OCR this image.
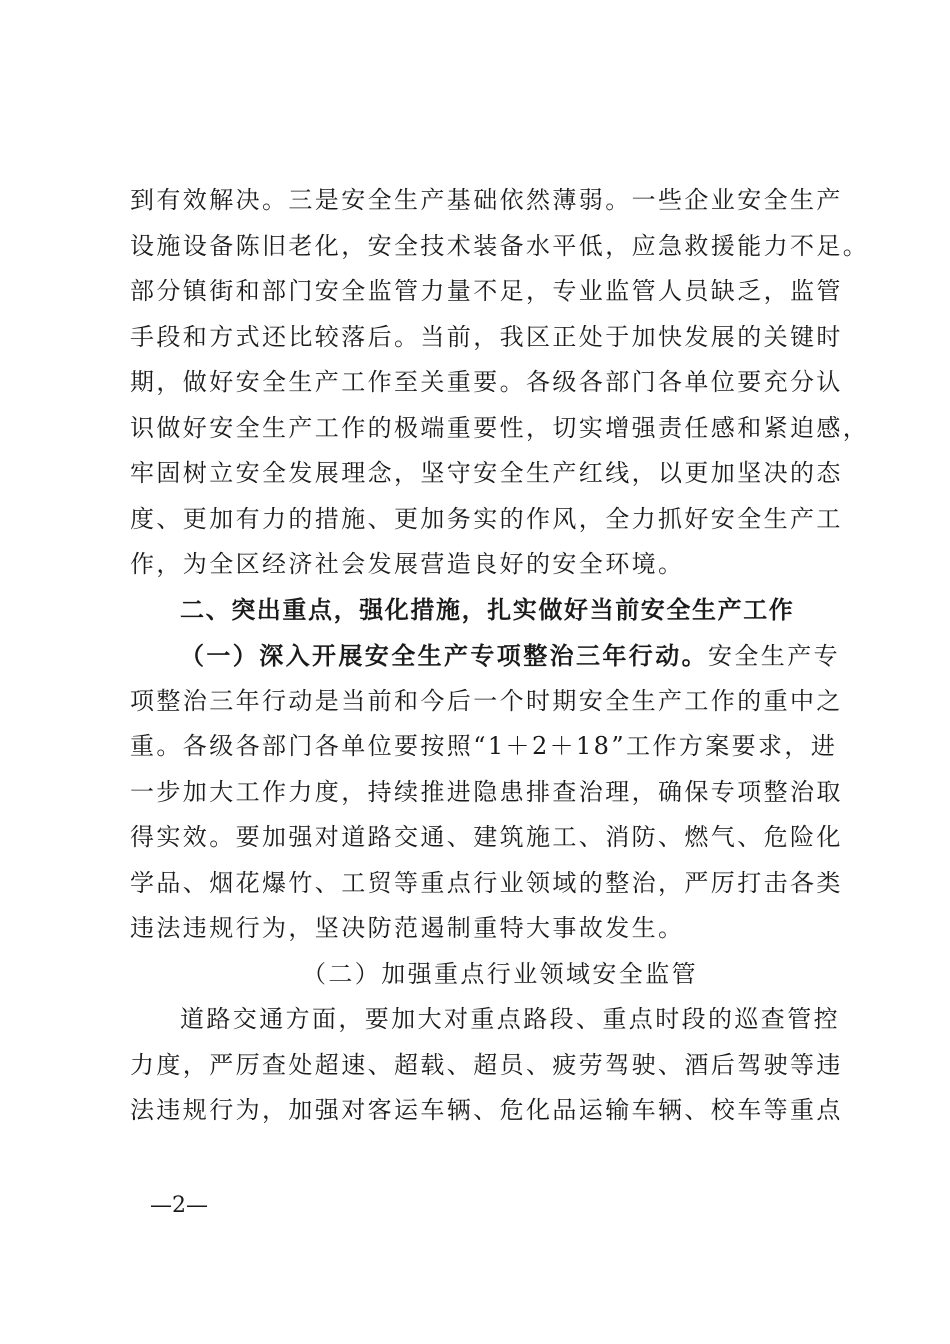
到有效解决。三是安全生产基础依然薄弱。一些企业安全生产
设施设备陈旧老化，安全技术装备水平低，应急救援能力不足。
部分镇街和部门安全监管力量不足，专业监管人员缺乏，监管
手段和方式还比较落后。当前，我区正处于加快发展的关键时
期，做好安全生产工作至关重要。各级各部门各单位要充分认
识做好安全生产工作的极端重要性，切实增强责任感和紧迫感，
牢固树立安全发展理念，坚守安全生产红线，以更加坚决的态
度、更加有力的措施、更加务实的作风，全力抓好安全生产工
作，为全区经济社会发展营造良好的安全环境。
二、突出重点，强化措施，扎实做好当前安全生产工作
（一）深入开展安全生产专项整治三年行动。安全生产专
项整治三年行动是当前和今后一个时期安全生产工作的重中之
重。各级各部门各单位要按照“1＋2＋18”工作方案要求，进
一步加大工作力度，持续推进隐患排查治理，确保专项整治取
得实效。要加强对道路交通、建筑施工、消防、燃气、危险化
学品、烟花爆竹、工贸等重点行业领域的整治，严厉打击各类
违法违规行为，坚决防范遏制重特大事故发生。
（二）加强重点行业领域安全监管
道路交通方面，要加大对重点路段、重点时段的巡查管控
力度，严厉查处超速、超载、超员、疲劳驾驶、酒后驾驶等违
法违规行为，加强对客运车辆、危化品运输车辆、校车等重点
—2—
